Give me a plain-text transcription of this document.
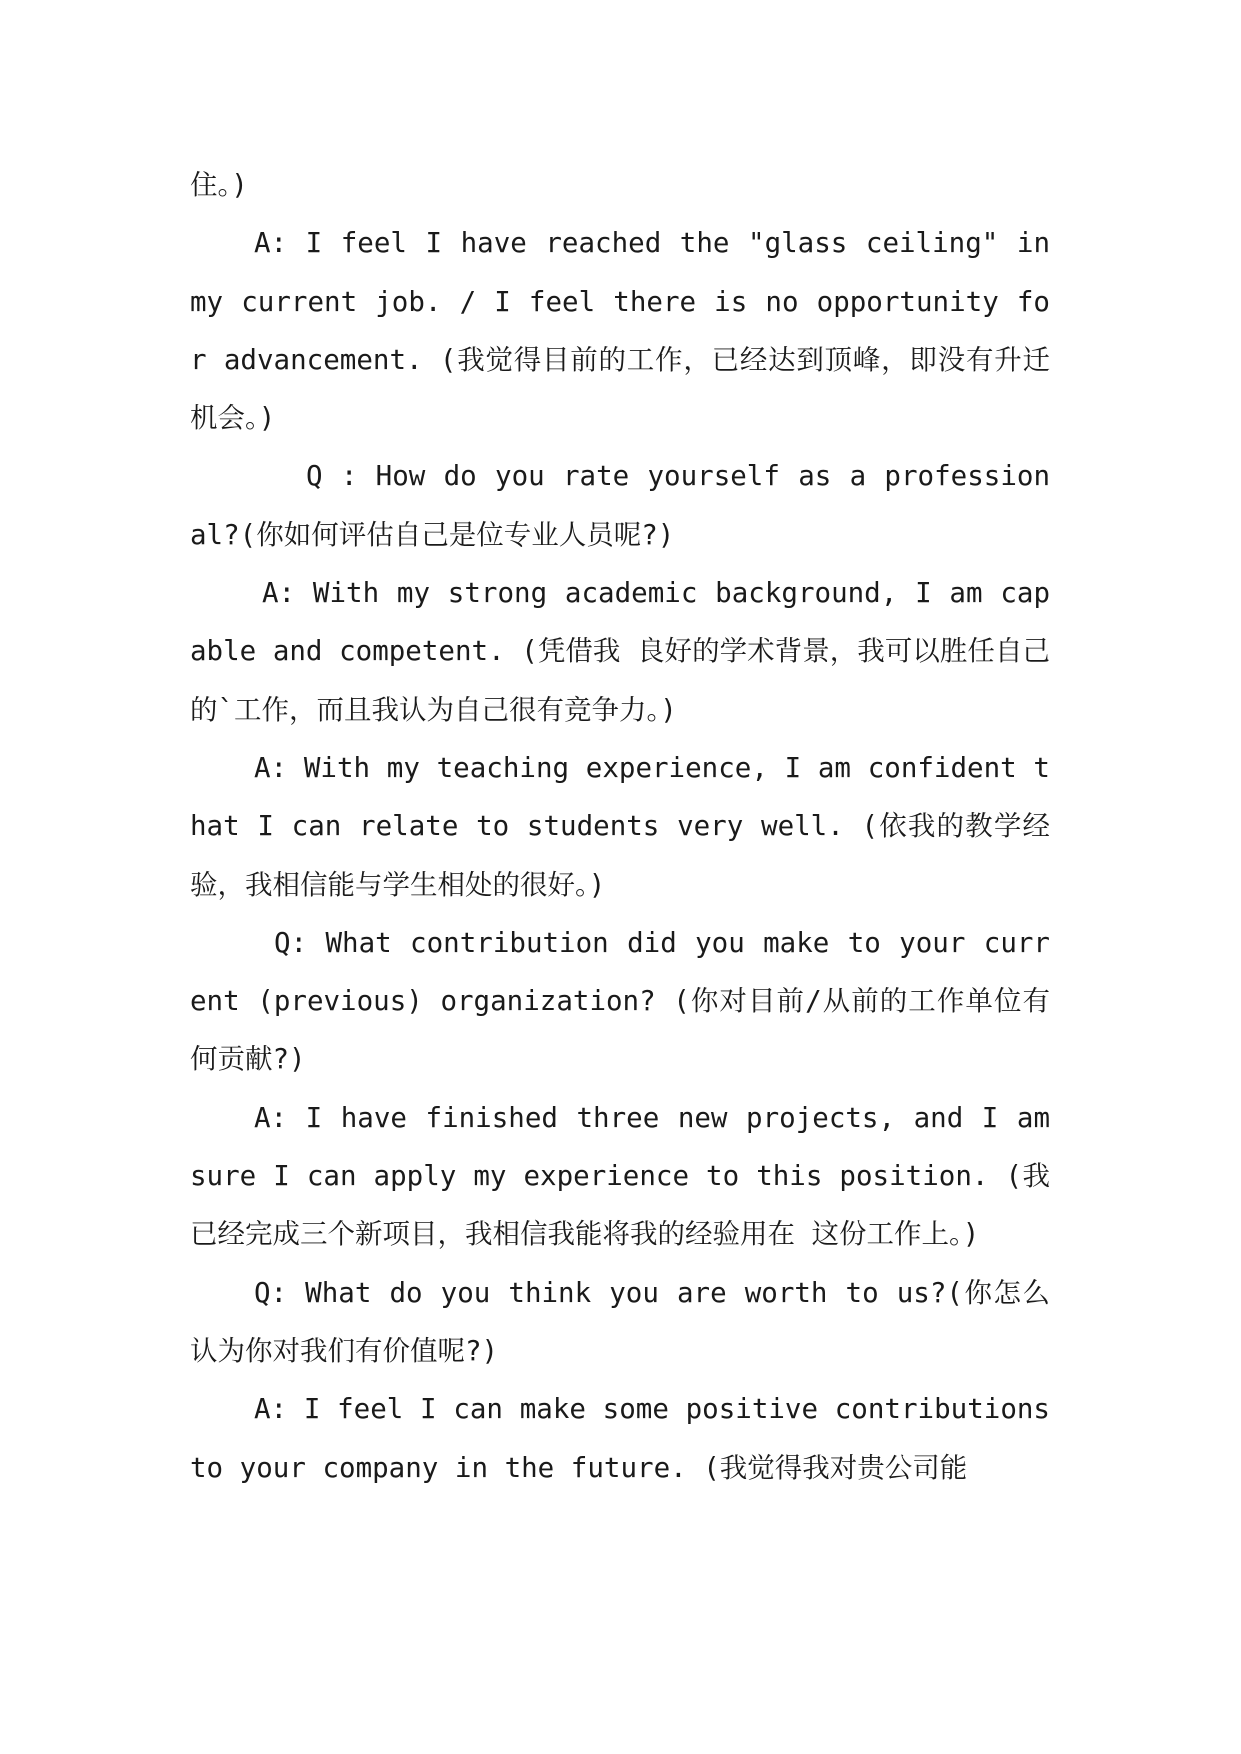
住。)

A: I feel I have reached the "glass ceiling" in my current job. / I feel there is no opportunity for advancement. (我觉得目前的工作，已经达到顶峰，即没有升迁机会。)

Q : How do you rate yourself as a professional?(你如何评估自己是位专业人员呢?)

A: With my strong academic background, I am capable and competent. (凭借我 良好的学术背景，我可以胜任自己的`工作，而且我认为自己很有竞争力。)

A: With my teaching experience, I am confident that I can relate to students very well. (依我的教学经验，我相信能与学生相处的很好。)

Q: What contribution did you make to your current (previous) organization? (你对目前/从前的工作单位有何贡献?)

A: I have finished three new projects, and I am sure I can apply my experience to this position. (我已经完成三个新项目，我相信我能将我的经验用在 这份工作上。)

Q: What do you think you are worth to us?(你怎么认为你对我们有价值呢?)

A: I feel I can make some positive contributions to your company in the future. (我觉得我对贵公司能
